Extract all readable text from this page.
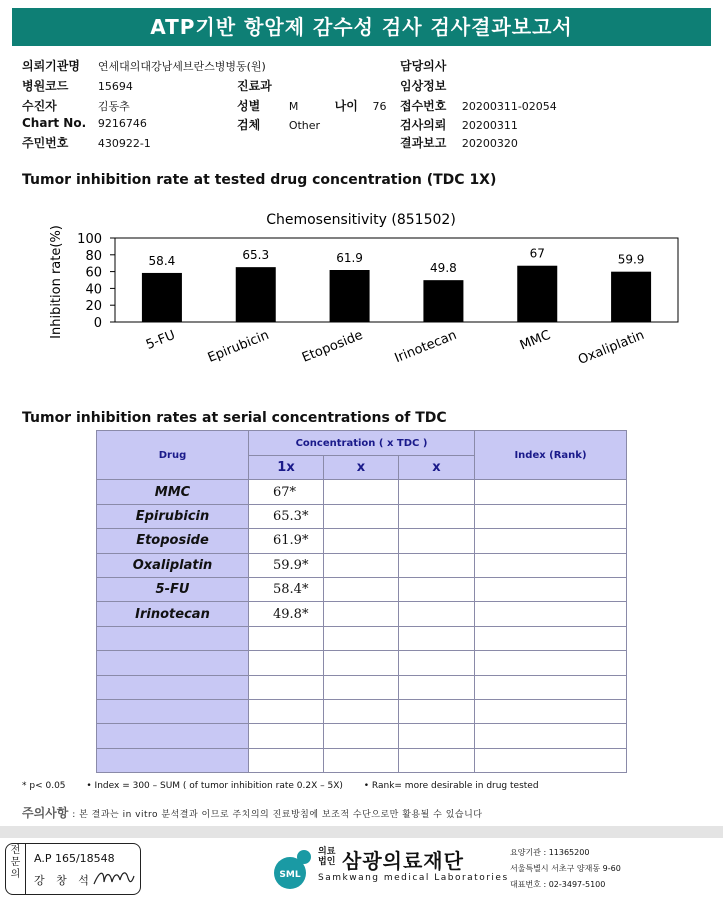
ATP기반 항암제 감수성 검사 검사결과보고서
의뢰기관명 연세대의대강남세브란스병병동(원)
병원코드	15694
수진자	김동추
Chart No. 9216746
주민번호	430922-1
진료과
성별	M	나이 76
검체	Other
담당의사
임상정보
접수번호 20200311-02054
검사의뢰 20200311
결과보고 20200320
Tumor inhibition rate at tested drug concentration (TDC 1X)
Chemosensitivity (851502)
Inhibition rate(%) 0
20
40
60
80
100
58.4	65.3	61.9
49.8
67	59.9
5-FU Epirubicin Etoposide Irinotecan	MMC Oxaliplatin
Tumor inhibition rates at serial concentrations of TDC
Drug	Concentration ( x TDC )			Index (Rank)
	1x	x	x	
MMC	67*			
Epirubicin	65.3*			
Etoposide	61.9*			
Oxaliplatin	59.9*			
5-FU	58.4*			
Irinotecan	49.8*			

* p< 0.05 • Index = 300 – SUM ( of tumor inhibition rate 0.2X – 5X) • Rank= more desirable in drug tested
주의사항 : 본 결과는 in vitro 분석결과 이므로 주치의의 진료방침에 보조적 수단으로만 활용될 수 있습니다
전문의
A.P 165/18548
강 창 석	SML
의료
법인 삼광의료재단
Samkwang medical Laboratories
요양기관 : 11365200
서울특별시 서초구 양재동 9-60
대표번호 : 02-3497-5100
